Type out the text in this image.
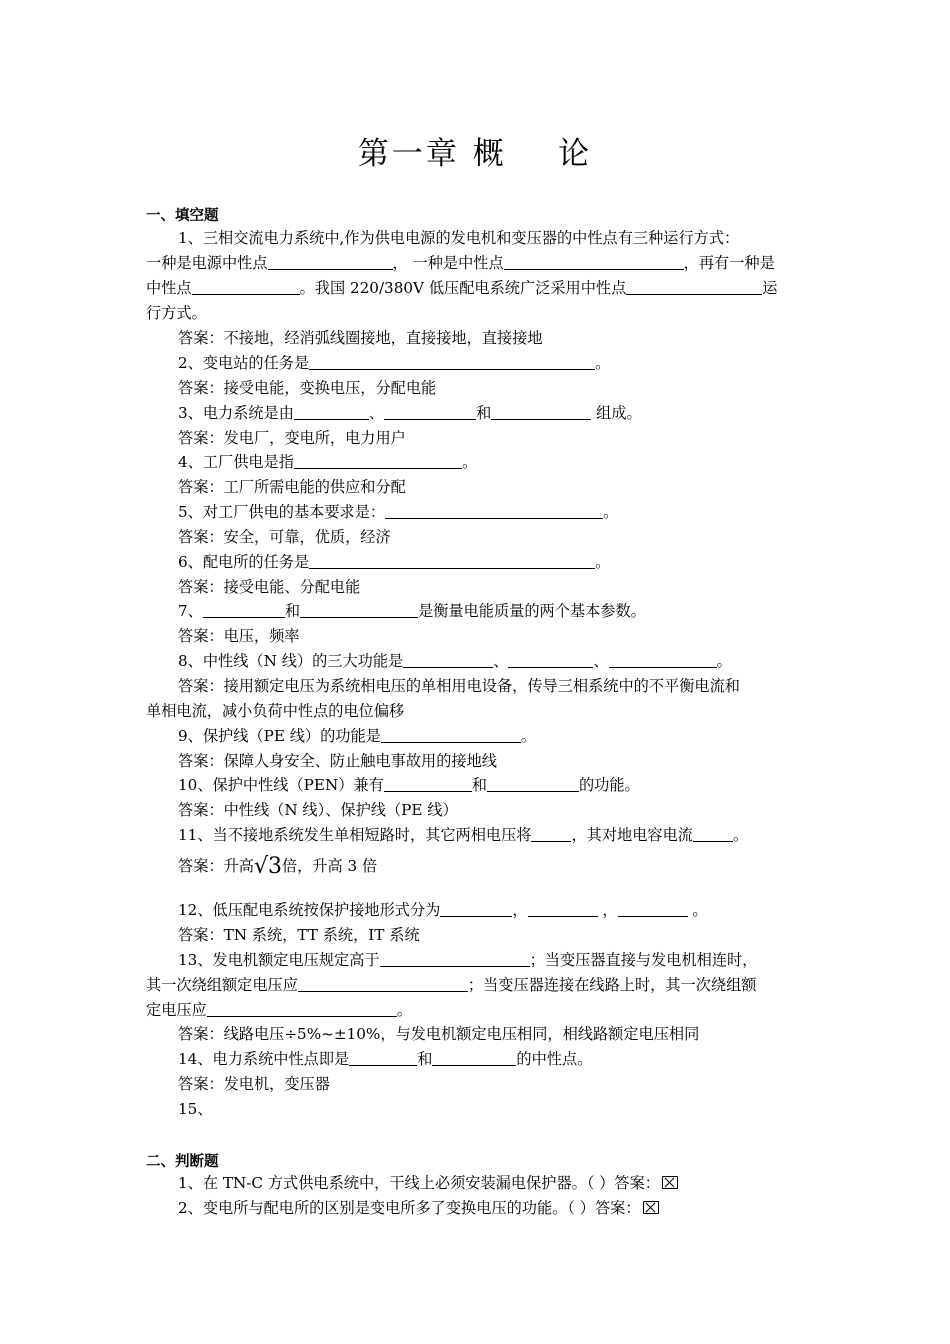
第一章 概    论
一、填空题
1、三相交流电力系统中,作为供电电源的发电机和变压器的中性点有三种运行方式：
一种是电源中性点	， 一种是中性点	，再有一种是
中性点	。我国 220/380V 低压配电系统广泛采用中性点	运
行方式。
答案：不接地，经消弧线圈接地，直接接地，直接接地
2、变电站的任务是	。
答案：接受电能，变换电压，分配电能
3、电力系统是由	、	和	组成。
答案：发电厂，变电所，电力用户
4、工厂供电是指	。
答案：工厂所需电能的供应和分配
5、对工厂供电的基本要求是：	。
答案：安全，可靠，优质，经济
6、配电所的任务是	。
答案：接受电能、分配电能
7、	和	是衡量电能质量的两个基本参数。
答案：电压，频率
8、中性线（N 线）的三大功能是	、	、	。
答案：接用额定电压为系统相电压的单相用电设备，传导三相系统中的不平衡电流和
单相电流，减小负荷中性点的电位偏移
9、保护线（PE 线）的功能是	。
答案：保障人身安全、防止触电事故用的接地线
10、保护中性线（PEN）兼有	和	的功能。
答案：中性线（N 线）、保护线（PE 线）
11、当不接地系统发生单相短路时，其它两相电压将	，其对地电容电流	。
答案：升高√3倍，升高 3 倍
12、低压配电系统按保护接地形式分为	，	，	。
答案：TN 系统，TT 系统，IT 系统
13、发电机额定电压规定高于	；当变压器直接与发电机相连时，
其一次绕组额定电压应	；当变压器连接在线路上时，其一次绕组额
定电压应	。
答案：线路电压÷5%~±10%，与发电机额定电压相同，相线路额定电压相同
14、电力系统中性点即是	和	的中性点。
答案：发电机，变压器
15、
二、判断题
1、在 TN-C 方式供电系统中，干线上必须安装漏电保护器。（ ）答案：
2、变电所与配电所的区别是变电所多了变换电压的功能。（ ）答案：
